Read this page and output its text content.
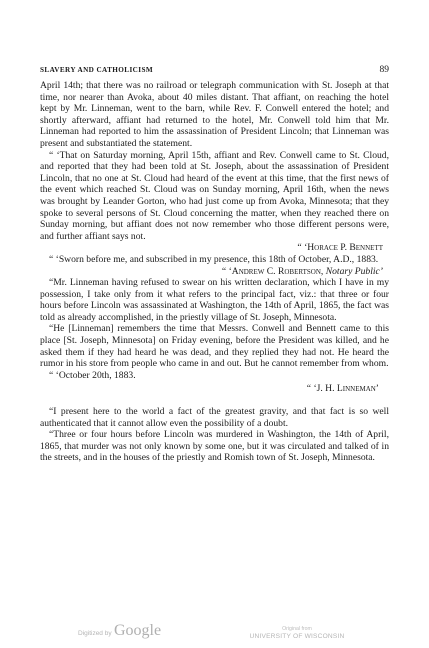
SLAVERY AND CATHOLICISM	89

April 14th; that there was no railroad or telegraph communication with St. Joseph at that time, nor nearer than Avoka, about 40 miles distant. That affiant, on reaching the hotel kept by Mr. Linneman, went to the barn, while Rev. F. Conwell entered the hotel; and shortly afterward, affiant had returned to the hotel, Mr. Conwell told him that Mr. Linneman had reported to him the assassination of President Lincoln; that Linneman was present and substantiated the statement.

“ ‘That on Saturday morning, April 15th, affiant and Rev. Conwell came to St. Cloud, and reported that they had been told at St. Joseph, about the assassination of President Lincoln, that no one at St. Cloud had heard of the event at this time, that the first news of the event which reached St. Cloud was on Sunday morning, April 16th, when the news was brought by Leander Gorton, who had just come up from Avoka, Minnesota; that they spoke to several persons of St. Cloud concerning the matter, when they reached there on Sunday morning, but affiant does not now remember who those different persons were, and further affiant says not.

“ ‘Horace P. Bennett

“ ‘Sworn before me, and subscribed in my presence, this 18th of October, A.D., 1883.

“ ‘Andrew C. Robertson, Notary Public’

“Mr. Linneman having refused to swear on his written declaration, which I have in my possession, I take only from it what refers to the principal fact, viz.: that three or four hours before Lincoln was assassinated at Washington, the 14th of April, 1865, the fact was told as already accomplished, in the priestly village of St. Joseph, Minnesota.

“He [Linneman] remembers the time that Messrs. Conwell and Bennett came to this place [St. Joseph, Minnesota] on Friday evening, before the President was killed, and he asked them if they had heard he was dead, and they replied they had not. He heard the rumor in his store from people who came in and out. But he cannot remember from whom.

“ ‘October 20th, 1883.

“ ‘J. H. Linneman’

“I present here to the world a fact of the greatest gravity, and that fact is so well authenticated that it cannot allow even the possibility of a doubt.

“Three or four hours before Lincoln was murdered in Washington, the 14th of April, 1865, that murder was not only known by some one, but it was circulated and talked of in the streets, and in the houses of the priestly and Romish town of St. Joseph, Minnesota.

Digitized by Google	Original from
UNIVERSITY OF WISCONSIN
